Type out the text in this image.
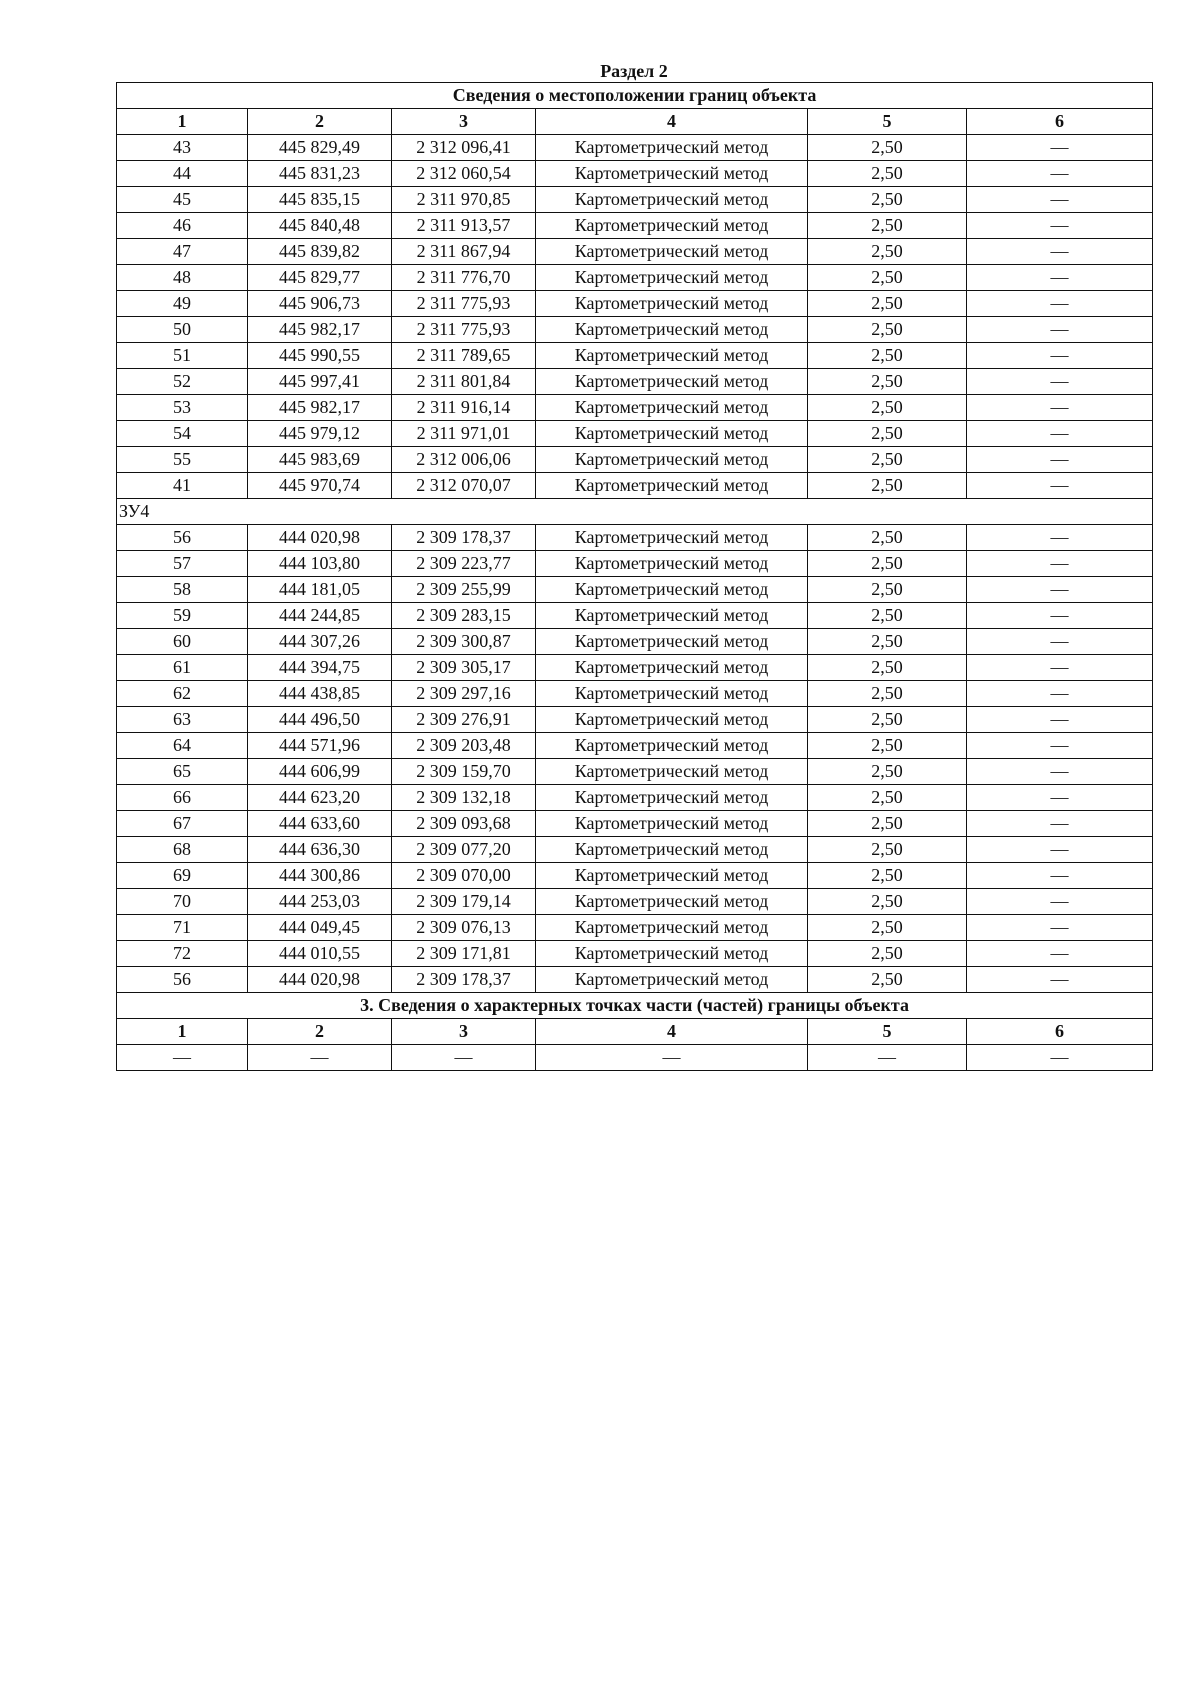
Раздел 2
Сведения о местоположении границ объекта					
1	2	3	4	5	6
43	445 829,49	2 312 096,41	Картометрический метод	2,50	—
44	445 831,23	2 312 060,54	Картометрический метод	2,50	—
45	445 835,15	2 311 970,85	Картометрический метод	2,50	—
46	445 840,48	2 311 913,57	Картометрический метод	2,50	—
47	445 839,82	2 311 867,94	Картометрический метод	2,50	—
48	445 829,77	2 311 776,70	Картометрический метод	2,50	—
49	445 906,73	2 311 775,93	Картометрический метод	2,50	—
50	445 982,17	2 311 775,93	Картометрический метод	2,50	—
51	445 990,55	2 311 789,65	Картометрический метод	2,50	—
52	445 997,41	2 311 801,84	Картометрический метод	2,50	—
53	445 982,17	2 311 916,14	Картометрический метод	2,50	—
54	445 979,12	2 311 971,01	Картометрический метод	2,50	—
55	445 983,69	2 312 006,06	Картометрический метод	2,50	—
41	445 970,74	2 312 070,07	Картометрический метод	2,50	—
ЗУ4					
56	444 020,98	2 309 178,37	Картометрический метод	2,50	—
57	444 103,80	2 309 223,77	Картометрический метод	2,50	—
58	444 181,05	2 309 255,99	Картометрический метод	2,50	—
59	444 244,85	2 309 283,15	Картометрический метод	2,50	—
60	444 307,26	2 309 300,87	Картометрический метод	2,50	—
61	444 394,75	2 309 305,17	Картометрический метод	2,50	—
62	444 438,85	2 309 297,16	Картометрический метод	2,50	—
63	444 496,50	2 309 276,91	Картометрический метод	2,50	—
64	444 571,96	2 309 203,48	Картометрический метод	2,50	—
65	444 606,99	2 309 159,70	Картометрический метод	2,50	—
66	444 623,20	2 309 132,18	Картометрический метод	2,50	—
67	444 633,60	2 309 093,68	Картометрический метод	2,50	—
68	444 636,30	2 309 077,20	Картометрический метод	2,50	—
69	444 300,86	2 309 070,00	Картометрический метод	2,50	—
70	444 253,03	2 309 179,14	Картометрический метод	2,50	—
71	444 049,45	2 309 076,13	Картометрический метод	2,50	—
72	444 010,55	2 309 171,81	Картометрический метод	2,50	—
56	444 020,98	2 309 178,37	Картометрический метод	2,50	—
3. Сведения о характерных точках части (частей) границы объекта					
1	2	3	4	5	6
—	—	—	—	—	—
